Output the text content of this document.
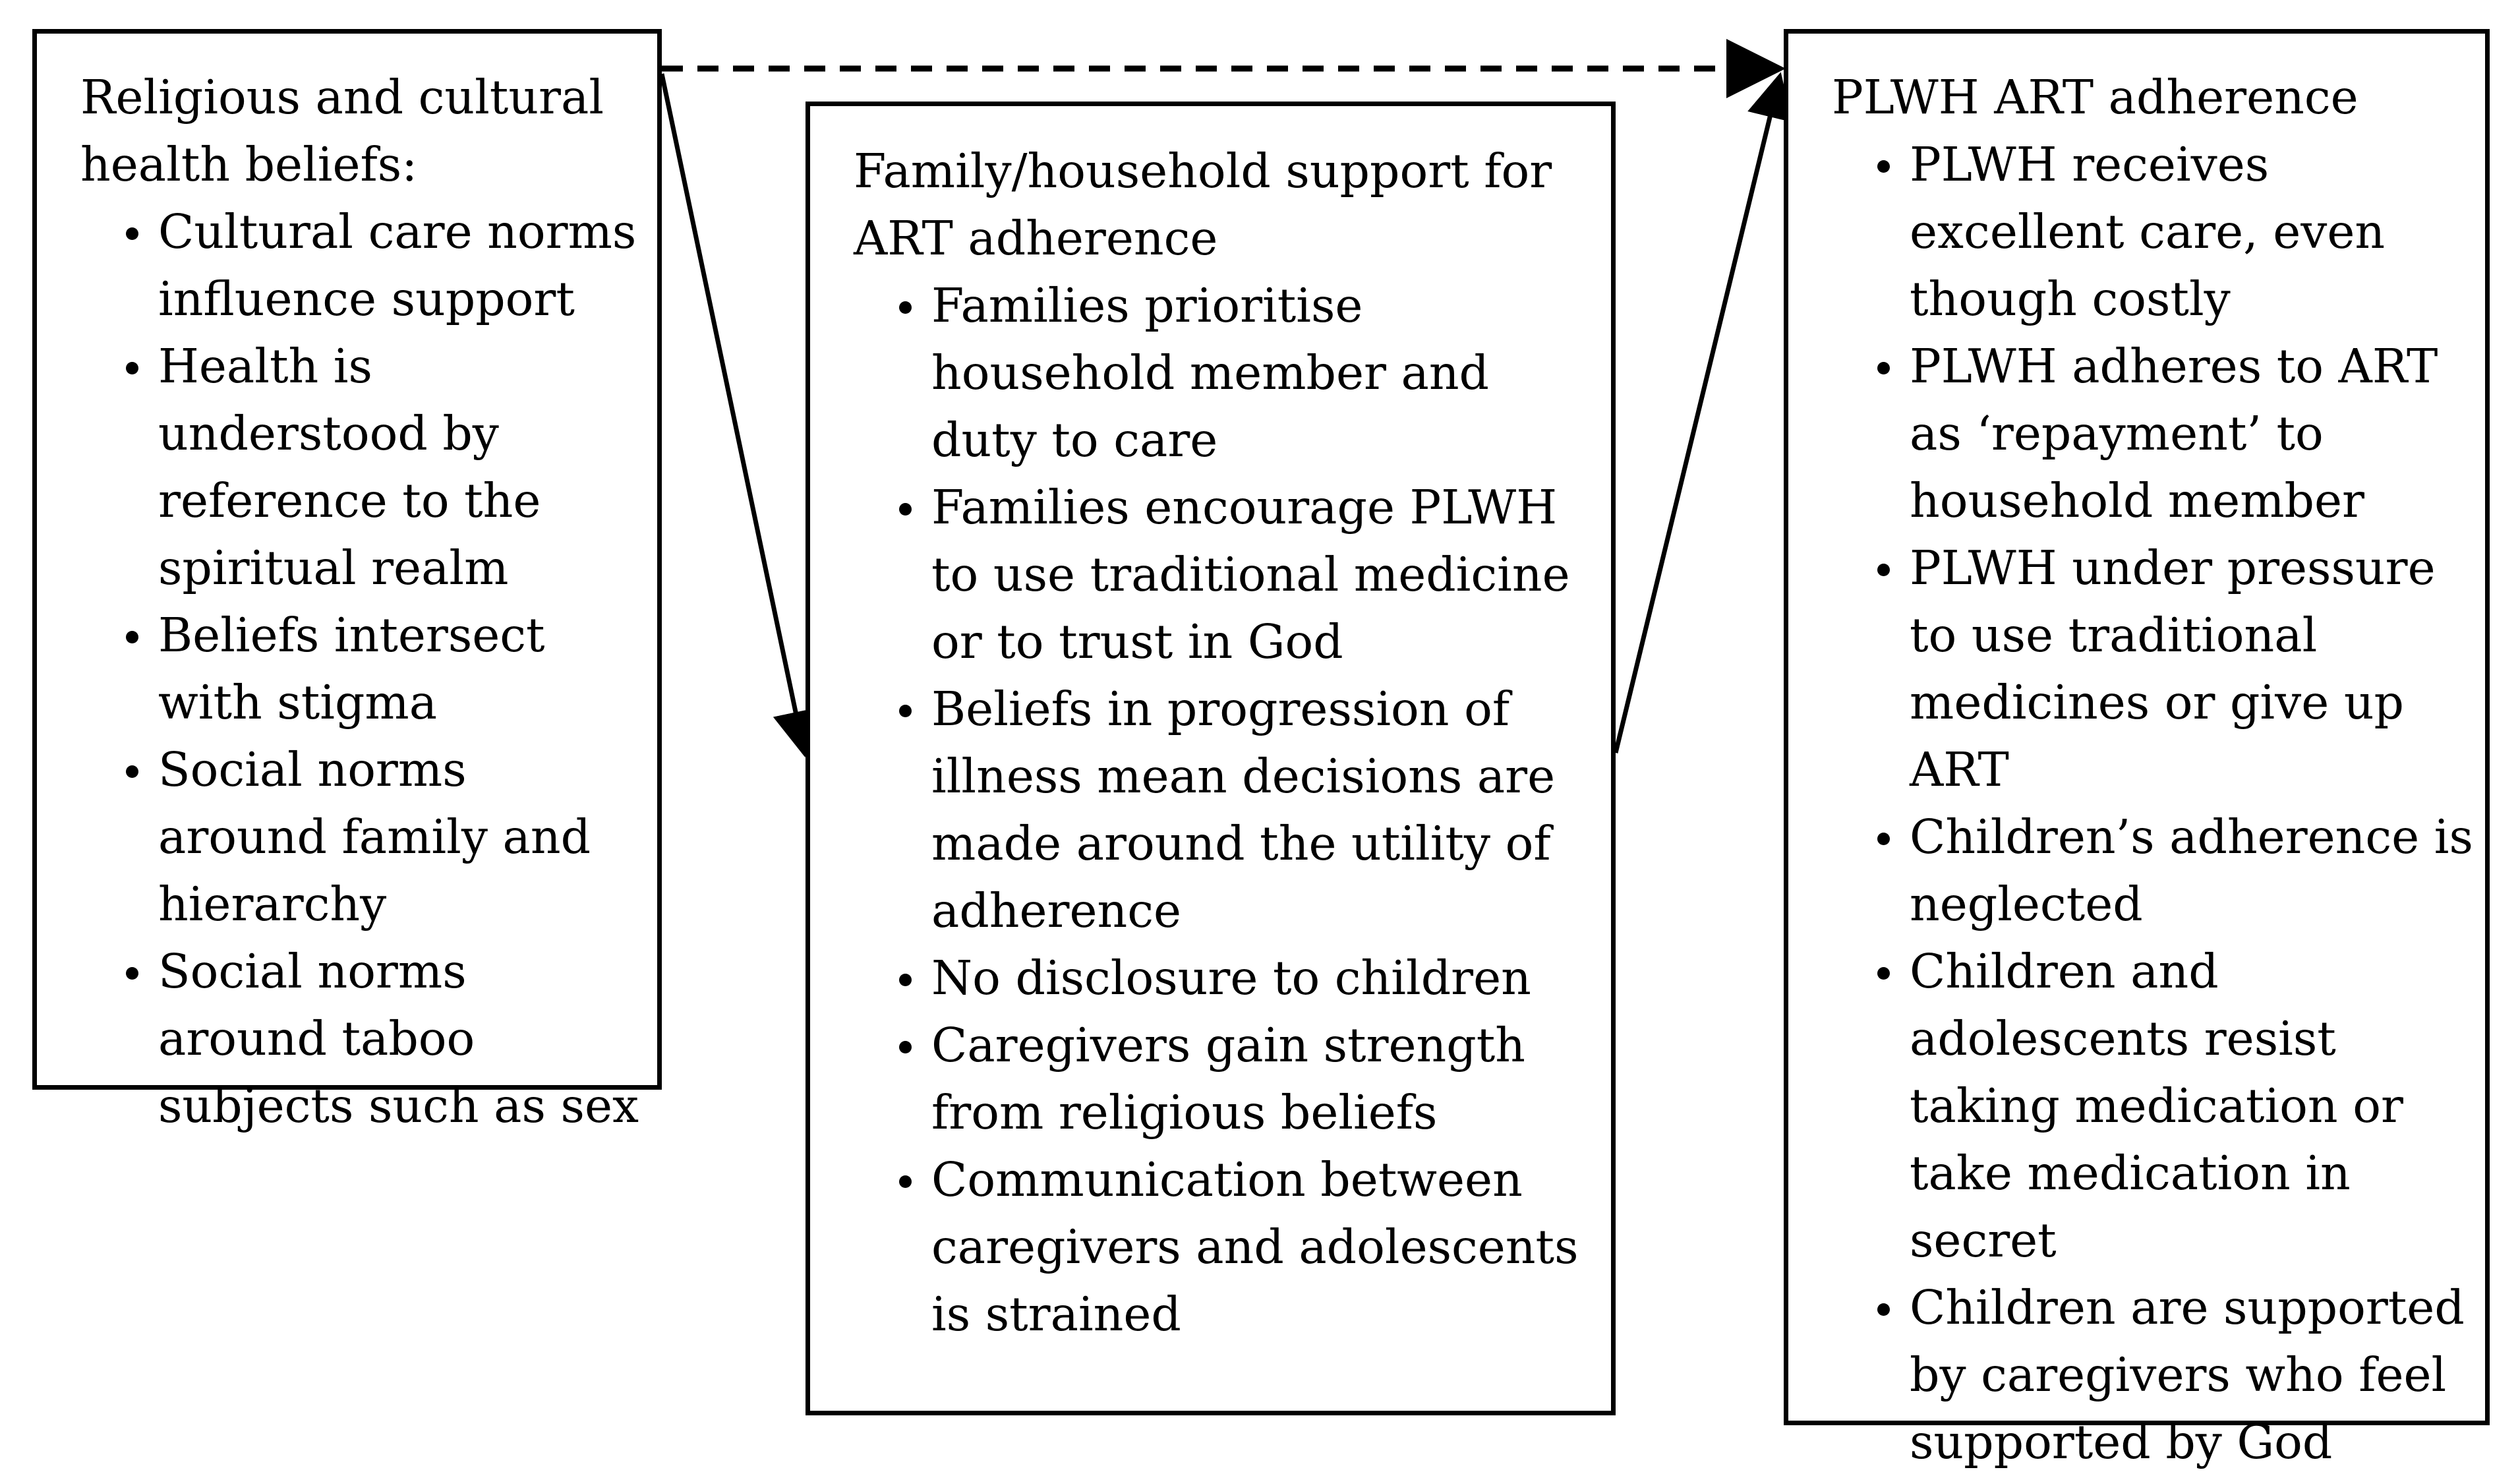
Religious and cultural health beliefs:

Cultural care norms influence support
Health is understood by reference to the spiritual realm
Beliefs intersect with stigma
Social norms around family and hierarchy
Social norms around taboo subjects such as sex

Family/household support for ART adherence

Families prioritise household member and duty to care
Families encourage PLWH to use traditional medicine or to trust in God
Beliefs in progression of illness mean decisions are made around the utility of adherence
No disclosure to children
Caregivers gain strength from religious beliefs
Communication between caregivers and adolescents is strained

PLWH ART adherence

PLWH receives excellent care, even though costly
PLWH adheres to ART as ‘repayment’ to household member
PLWH under pressure to use traditional medicines or give up ART
Children’s adherence is neglected
Children and adolescents resist taking medication or take medication in secret
Children are supported by caregivers who feel supported by God
